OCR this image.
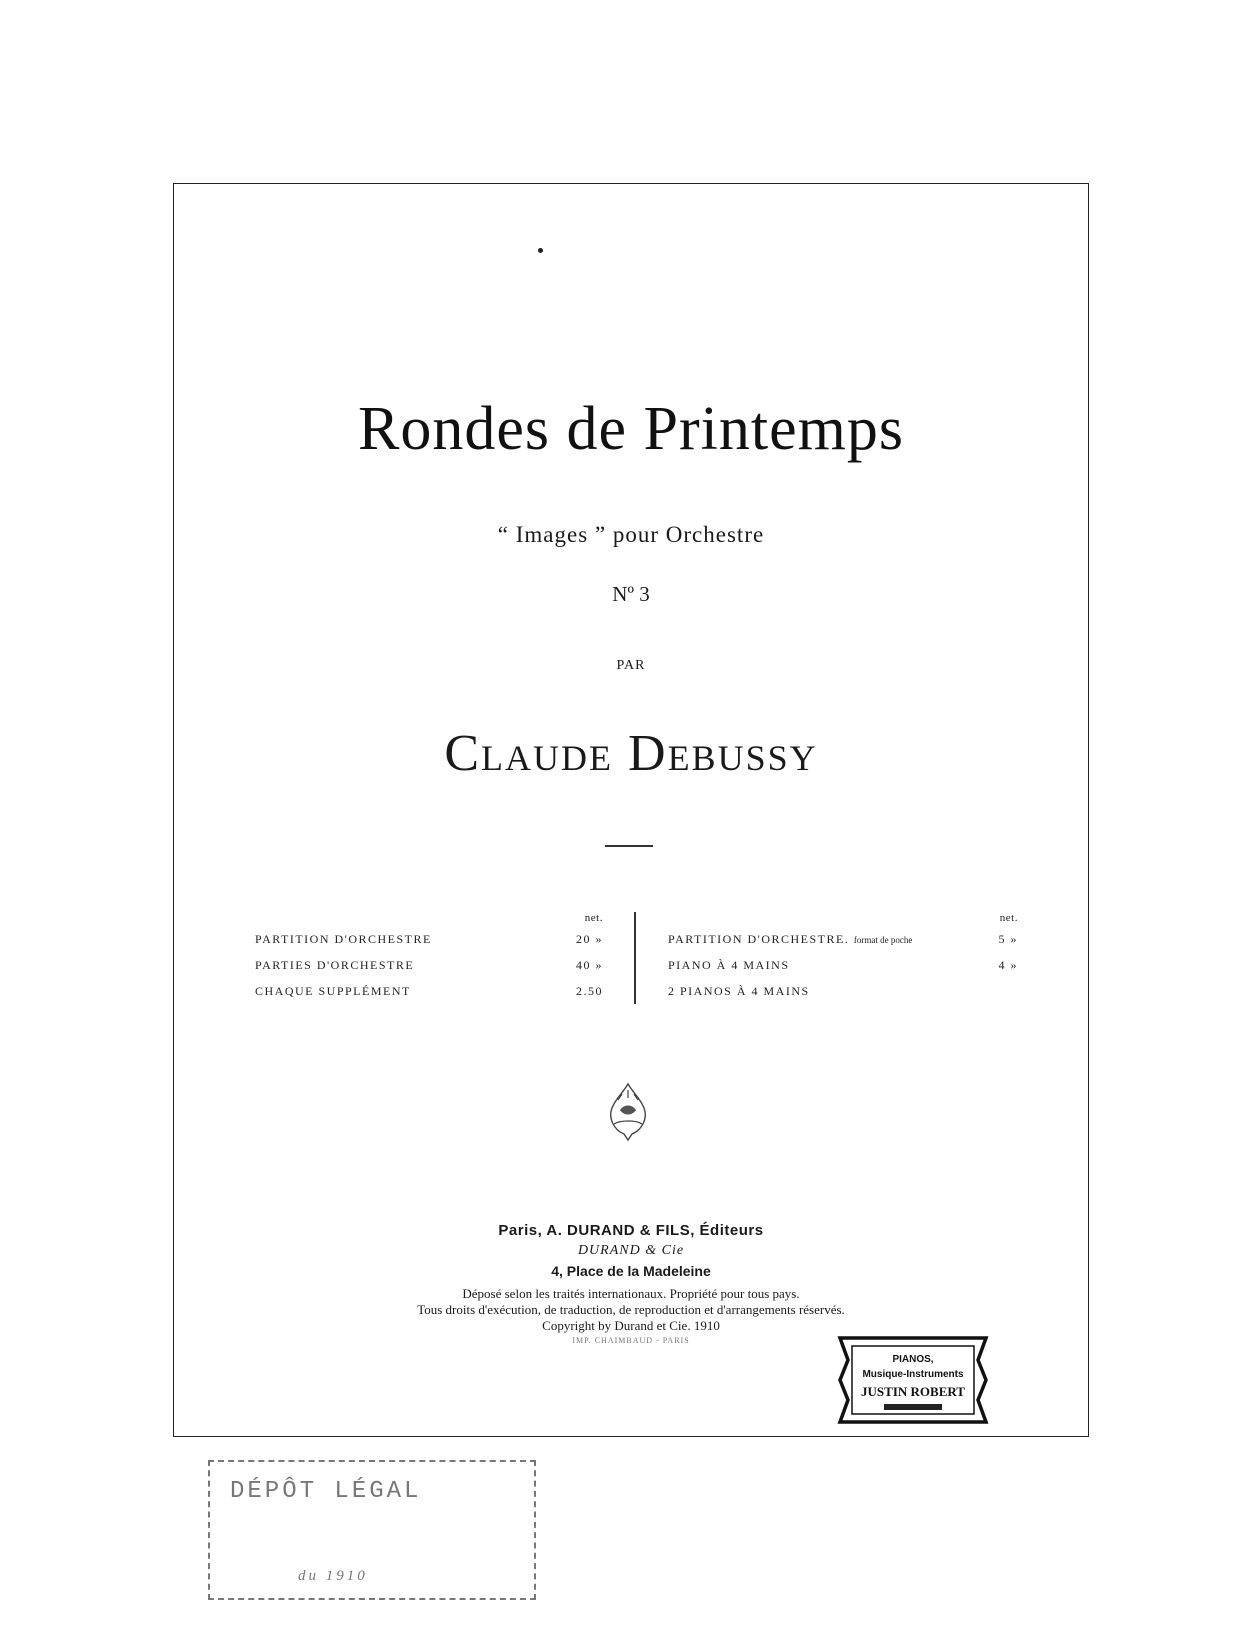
Rondes de Printemps
“ Images ” pour Orchestre
Nº 3
PAR
Claude Debussy
net.
PARTITION D'ORCHESTRE	20 »
PARTIES D'ORCHESTRE	40 »
CHAQUE SUPPLÉMENT	2.50
net.
PARTITION D'ORCHESTRE. format de poche	5 »
PIANO À 4 MAINS	4 »
2 PIANOS À 4 MAINS
Paris, A. DURAND & FILS, Éditeurs
DURAND & Cie
4, Place de la Madeleine
Déposé selon les traités internationaux. Propriété pour tous pays.
Tous droits d'exécution, de traduction, de reproduction et d'arrangements réservés.
Copyright by Durand et Cie. 1910
IMP. CHAIMBAUD - PARIS
PIANOS,
Musique-Instruments
JUSTIN ROBERT
DÉPÔT LÉGAL
du 1910
